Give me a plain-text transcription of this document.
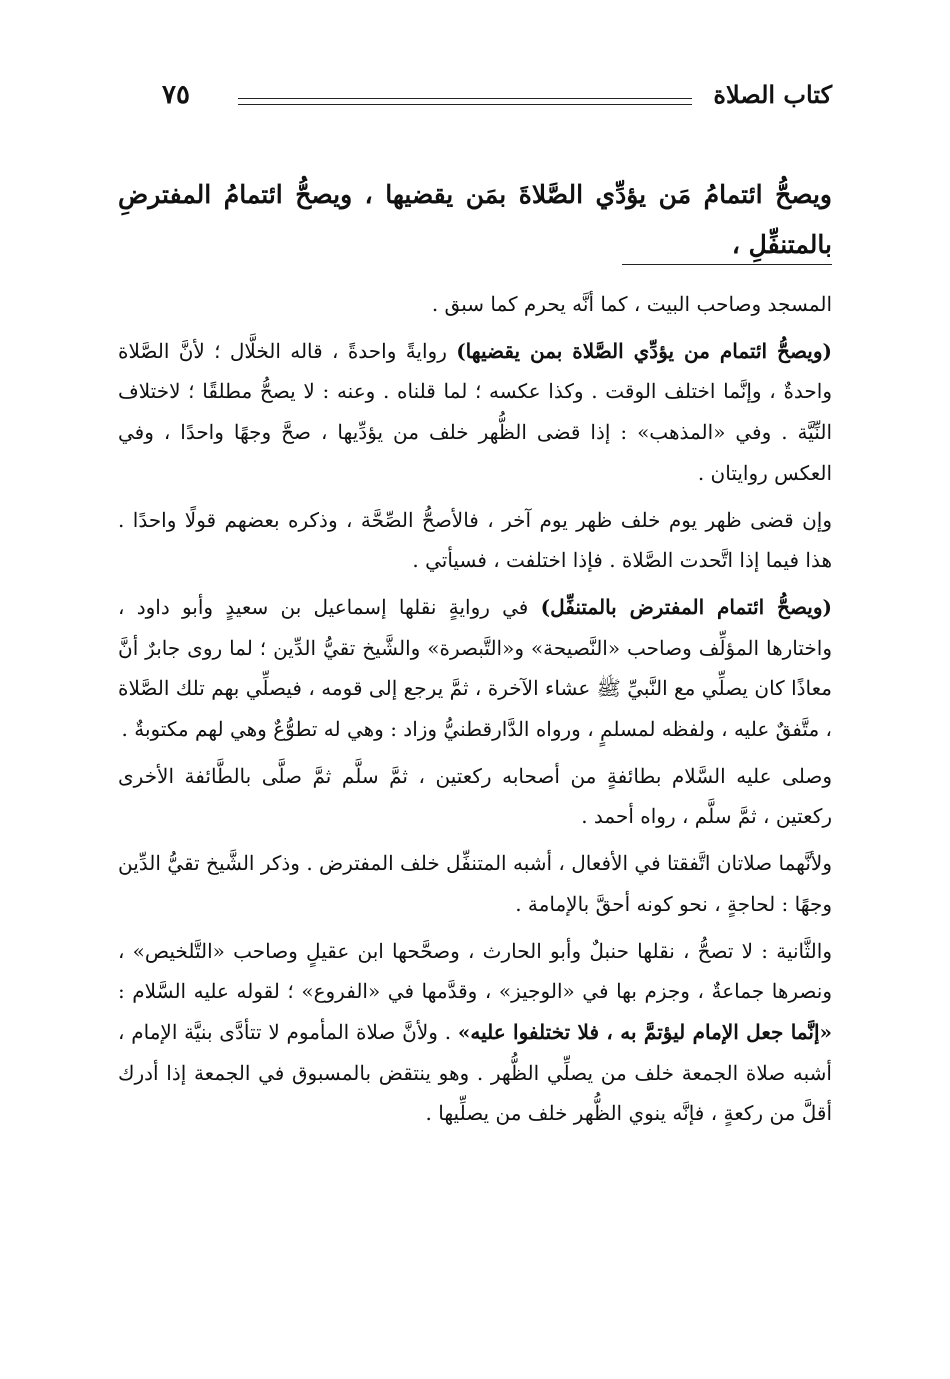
كتاب الصلاة
٧٥
ويصحُّ ائتمامُ مَن يؤدِّي الصَّلاةَ بمَن يقضيها ، ويصحُّ ائتمامُ المفترضِ بالمتنفِّلِ ،

المسجد وصاحب البيت ، كما أنَّه يحرم كما سبق .

(ويصحُّ ائتمام من يؤدِّي الصَّلاة بمن يقضيها) روايةً واحدةً ، قاله الخلَّال ؛ لأنَّ الصَّلاة واحدةٌ ، وإنَّما اختلف الوقت . وكذا عكسه ؛ لما قلناه . وعنه : لا يصحُّ مطلقًا ؛ لاختلاف النِّيَّة . وفي «المذهب» : إذا قضى الظُّهر خلف من يؤدِّيها ، صحَّ وجهًا واحدًا ، وفي العكس روايتان .

وإن قضى ظهر يوم خلف ظهر يوم آخر ، فالأصحُّ الصِّحَّة ، وذكره بعضهم قولًا واحدًا . هذا فيما إذا اتَّحدت الصَّلاة . فإذا اختلفت ، فسيأتي .

(ويصحُّ ائتمام المفترض بالمتنفِّل) في روايةٍ نقلها إسماعيل بن سعيدٍ وأبو داود ، واختارها المؤلِّف وصاحب «النَّصيحة» و«التَّبصرة» والشَّيخ تقيُّ الدِّين ؛ لما روى جابرٌ أنَّ معاذًا كان يصلِّي مع النَّبيِّ ﷺ عشاء الآخرة ، ثمَّ يرجع إلى قومه ، فيصلِّي بهم تلك الصَّلاة ، متَّفقٌ عليه ، ولفظه لمسلمٍ ، ورواه الدَّارقطنيُّ وزاد : وهي له تطوُّعٌ وهي لهم مكتوبةٌ .

وصلى عليه السَّلام بطائفةٍ من أصحابه ركعتين ، ثمَّ سلَّم ثمَّ صلَّى بالطَّائفة الأخرى ركعتين ، ثمَّ سلَّم ، رواه أحمد .

ولأنَّهما صلاتان اتَّفقتا في الأفعال ، أشبه المتنفِّل خلف المفترض . وذكر الشَّيخ تقيُّ الدِّين وجهًا : لحاجةٍ ، نحو كونه أحقَّ بالإمامة .

والثَّانية : لا تصحُّ ، نقلها حنبلٌ وأبو الحارث ، وصحَّحها ابن عقيلٍ وصاحب «التَّلخيص» ، ونصرها جماعةٌ ، وجزم بها في «الوجيز» ، وقدَّمها في «الفروع» ؛ لقوله عليه السَّلام : «إنَّما جعل الإمام ليؤتمَّ به ، فلا تختلفوا عليه» . ولأنَّ صلاة المأموم لا تتأدَّى بنيَّة الإمام ، أشبه صلاة الجمعة خلف من يصلِّي الظُّهر . وهو ينتقض بالمسبوق في الجمعة إذا أدرك أقلَّ من ركعةٍ ، فإنَّه ينوي الظُّهر خلف من يصلِّيها .
